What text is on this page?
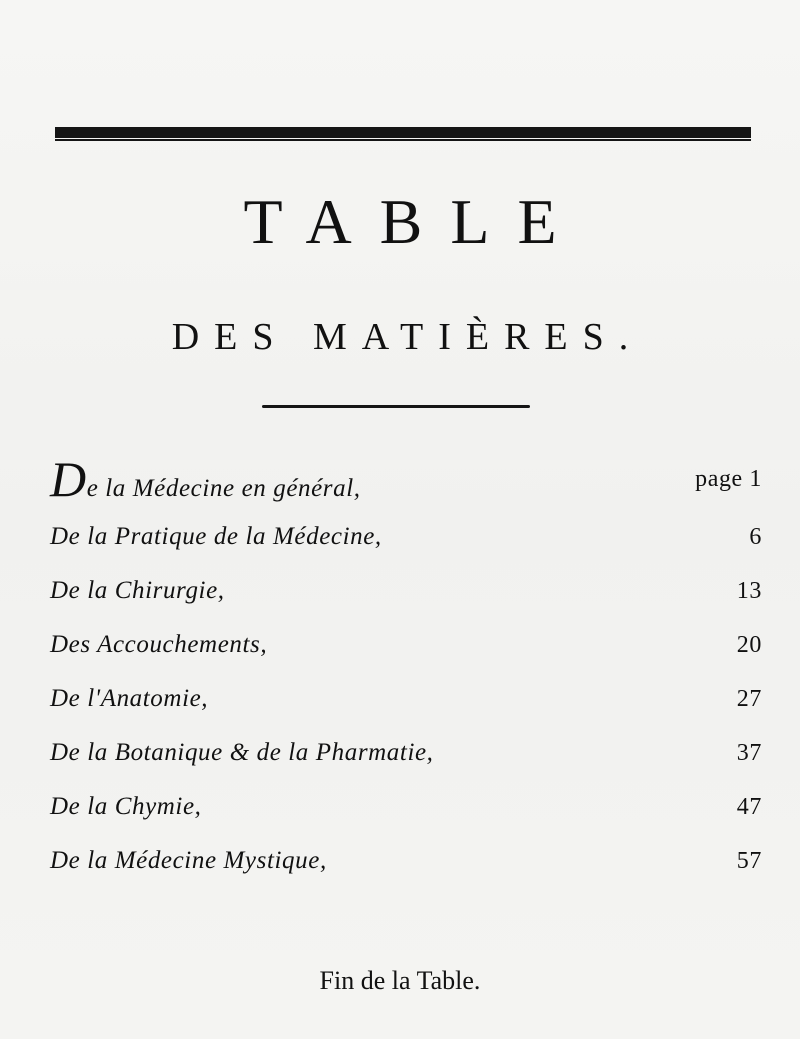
TABLE
DES MATIÈRES.
De la Médecine en général,	page 1
De la Pratique de la Médecine,	6
De la Chirurgie,	13
Des Accouchements,	20
De l'Anatomie,	27
De la Botanique & de la Pharmatie,	37
De la Chymie,	47
De la Médecine Mystique,	57
Fin de la Table.
